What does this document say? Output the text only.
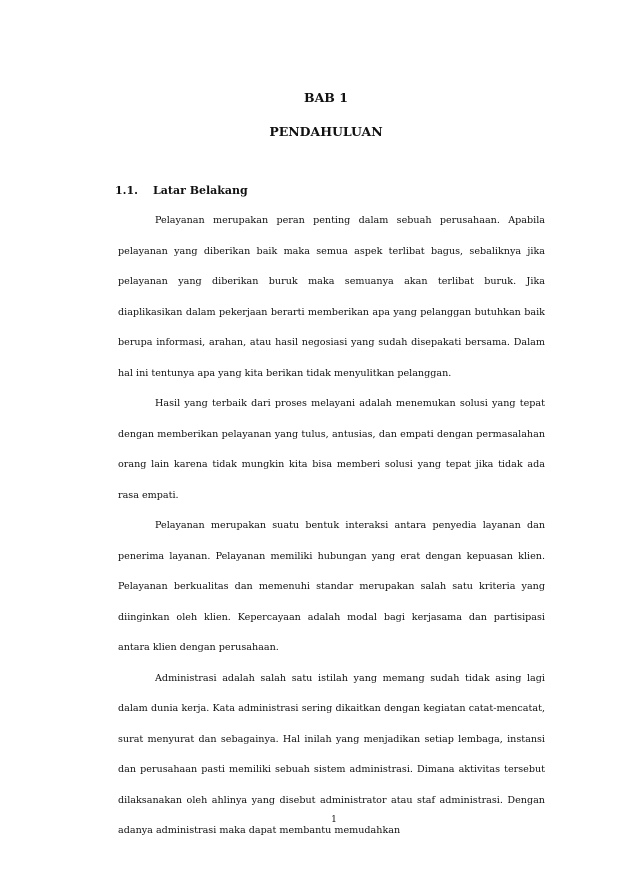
BAB 1
PENDAHULUAN
1.1. Latar Belakang

Pelayanan merupakan peran penting dalam sebuah perusahaan. Apabila pelayanan yang diberikan baik maka semua aspek terlibat bagus, sebaliknya jika pelayanan yang diberikan buruk maka semuanya akan terlibat buruk. Jika diaplikasikan dalam pekerjaan berarti memberikan apa yang pelanggan butuhkan baik berupa informasi, arahan, atau hasil negosiasi yang sudah disepakati bersama. Dalam hal ini tentunya apa yang kita berikan tidak menyulitkan pelanggan.

Hasil yang terbaik dari proses melayani adalah menemukan solusi yang tepat dengan memberikan pelayanan yang tulus, antusias, dan empati dengan permasalahan orang lain karena tidak mungkin kita bisa memberi solusi yang tepat jika tidak ada rasa empati.

Pelayanan merupakan suatu bentuk interaksi antara penyedia layanan dan penerima layanan. Pelayanan memiliki hubungan yang erat dengan kepuasan klien. Pelayanan berkualitas dan memenuhi standar merupakan salah satu kriteria yang diinginkan oleh klien. Kepercayaan adalah modal bagi kerjasama dan partisipasi antara klien dengan perusahaan.

Administrasi adalah salah satu istilah yang memang sudah tidak asing lagi dalam dunia kerja. Kata administrasi sering dikaitkan dengan kegiatan catat-mencatat, surat menyurat dan sebagainya. Hal inilah yang menjadikan setiap lembaga, instansi dan perusahaan pasti memiliki sebuah sistem administrasi. Dimana aktivitas tersebut dilaksanakan oleh ahlinya yang disebut administrator atau staf administrasi. Dengan adanya administrasi maka dapat membantu memudahkan

1
